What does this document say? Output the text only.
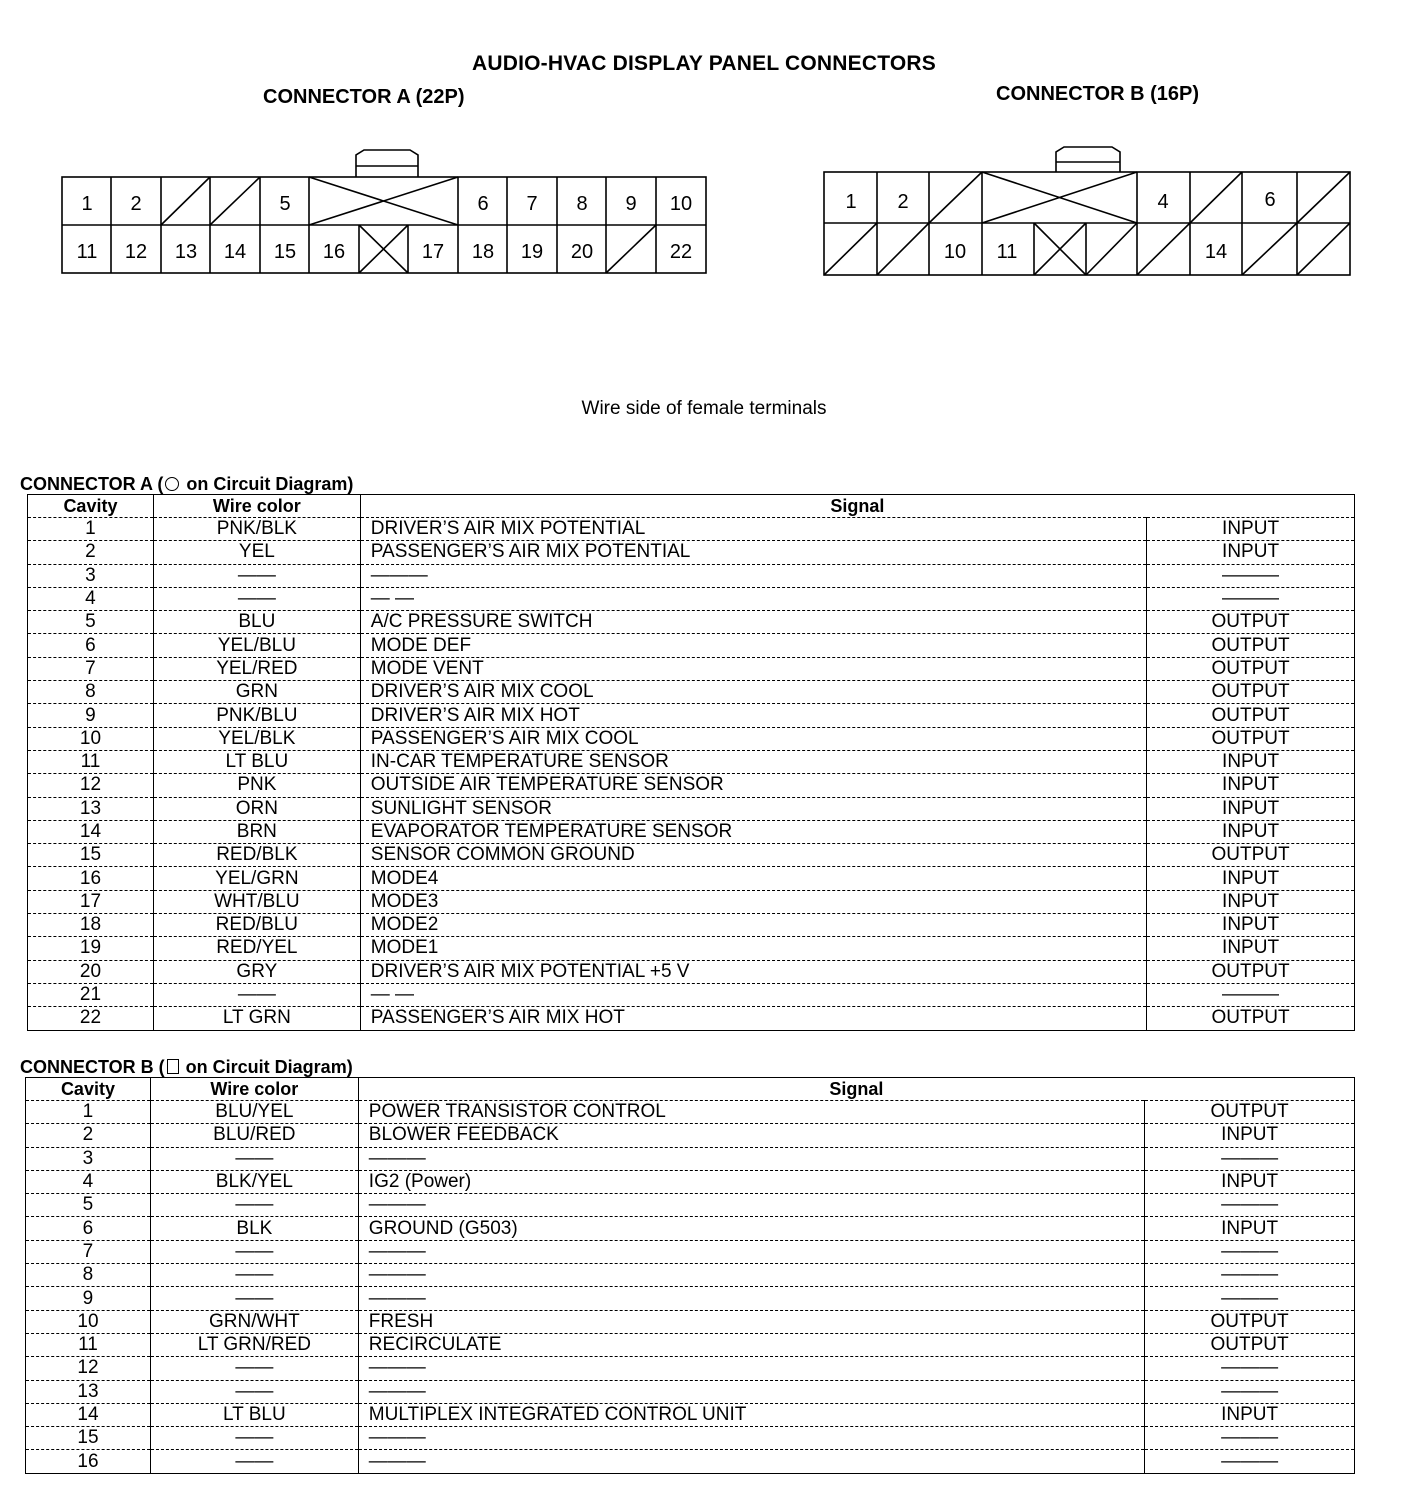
AUDIO-HVAC DISPLAY PANEL CONNECTORS
CONNECTOR A (22P)	CONNECTOR B (16P)
1 2	5	6 7 8 9 10
11 12 13 14 15 16	17 18 19 20	22
1 2	4	6
10 11	14
Wire side of female terminals
CONNECTOR A ( on Circuit Diagram)
Cavity	Wire color	Signal	
1	PNK/BLK	DRIVER’S AIR MIX POTENTIAL	INPUT
2	YEL	PASSENGER’S AIR MIX POTENTIAL	INPUT
3	——	———	———
4	——	— —	———
5	BLU	A/C PRESSURE SWITCH	OUTPUT
6	YEL/BLU	MODE DEF	OUTPUT
7	YEL/RED	MODE VENT	OUTPUT
8	GRN	DRIVER’S AIR MIX COOL	OUTPUT
9	PNK/BLU	DRIVER’S AIR MIX HOT	OUTPUT
10	YEL/BLK	PASSENGER’S AIR MIX COOL	OUTPUT
11	LT BLU	IN-CAR TEMPERATURE SENSOR	INPUT
12	PNK	OUTSIDE AIR TEMPERATURE SENSOR	INPUT
13	ORN	SUNLIGHT SENSOR	INPUT
14	BRN	EVAPORATOR TEMPERATURE SENSOR	INPUT
15	RED/BLK	SENSOR COMMON GROUND	OUTPUT
16	YEL/GRN	MODE4	INPUT
17	WHT/BLU	MODE3	INPUT
18	RED/BLU	MODE2	INPUT
19	RED/YEL	MODE1	INPUT
20	GRY	DRIVER’S AIR MIX POTENTIAL +5 V	OUTPUT
21	——	— —	———
22	LT GRN	PASSENGER’S AIR MIX HOT	OUTPUT
CONNECTOR B ( on Circuit Diagram)
Cavity	Wire color	Signal	
1	BLU/YEL	POWER TRANSISTOR CONTROL	OUTPUT
2	BLU/RED	BLOWER FEEDBACK	INPUT
3	——	———	———
4	BLK/YEL	IG2 (Power)	INPUT
5	——	———	———
6	BLK	GROUND (G503)	INPUT
7	——	———	———
8	——	———	———
9	——	———	———
10	GRN/WHT	FRESH	OUTPUT
11	LT GRN/RED	RECIRCULATE	OUTPUT
12	——	———	———
13	——	———	———
14	LT BLU	MULTIPLEX INTEGRATED CONTROL UNIT	INPUT
15	——	———	———
16	——	———	———
